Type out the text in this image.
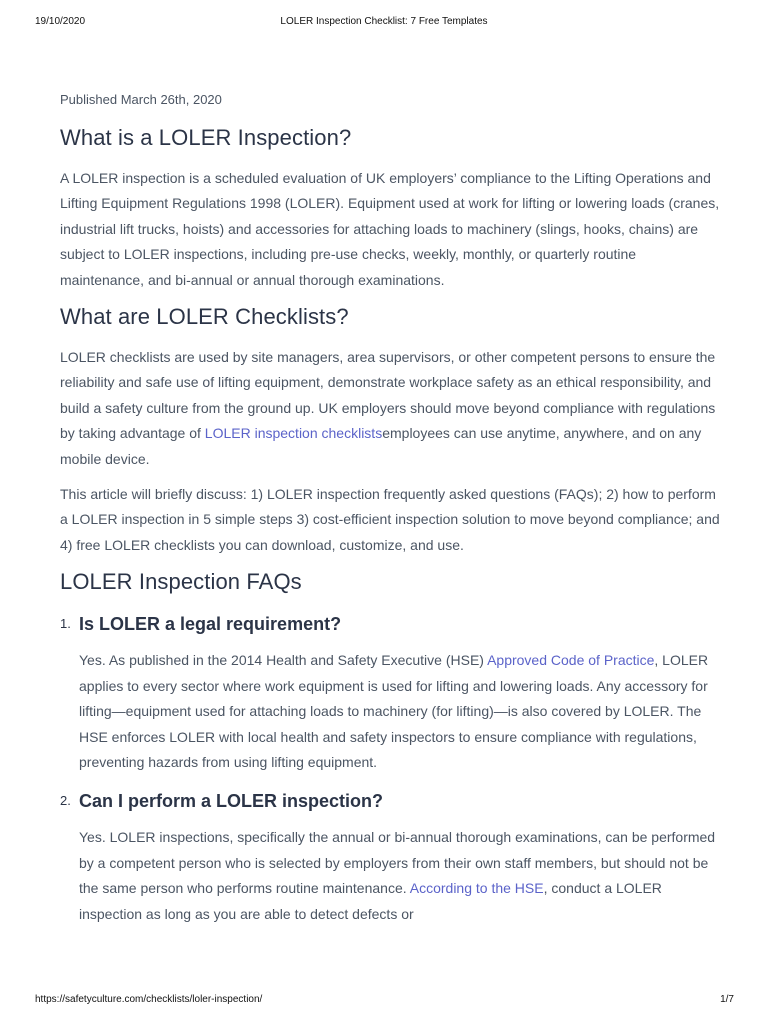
19/10/2020	LOLER Inspection Checklist: 7 Free Templates
Published March 26th, 2020
What is a LOLER Inspection?

A LOLER inspection is a scheduled evaluation of UK employers’ compliance to the Lifting Operations and Lifting Equipment Regulations 1998 (LOLER). Equipment used at work for lifting or lowering loads (cranes, industrial lift trucks, hoists) and accessories for attaching loads to machinery (slings, hooks, chains) are subject to LOLER inspections, including pre-use checks, weekly, monthly, or quarterly routine maintenance, and bi-annual or annual thorough examinations.

What are LOLER Checklists?

LOLER checklists are used by site managers, area supervisors, or other competent persons to ensure the reliability and safe use of lifting equipment, demonstrate workplace safety as an ethical responsibility, and build a safety culture from the ground up. UK employers should move beyond compliance with regulations by taking advantage of LOLER inspection checklistsemployees can use anytime, anywhere, and on any mobile device.

This article will briefly discuss: 1) LOLER inspection frequently asked questions (FAQs); 2) how to perform a LOLER inspection in 5 simple steps 3) cost-efficient inspection solution to move beyond compliance; and 4) free LOLER checklists you can download, customize, and use.

LOLER Inspection FAQs
1. Is LOLER a legal requirement?

Yes. As published in the 2014 Health and Safety Executive (HSE) Approved Code of Practice, LOLER applies to every sector where work equipment is used for lifting and lowering loads. Any accessory for lifting—equipment used for attaching loads to machinery (for lifting)—is also covered by LOLER. The HSE enforces LOLER with local health and safety inspectors to ensure compliance with regulations, preventing hazards from using lifting equipment.

2. Can I perform a LOLER inspection?

Yes. LOLER inspections, specifically the annual or bi-annual thorough examinations, can be performed by a competent person who is selected by employers from their own staff members, but should not be the same person who performs routine maintenance. According to the HSE, conduct a LOLER inspection as long as you are able to detect defects or

https://safetyculture.com/checklists/loler-inspection/	1/7
